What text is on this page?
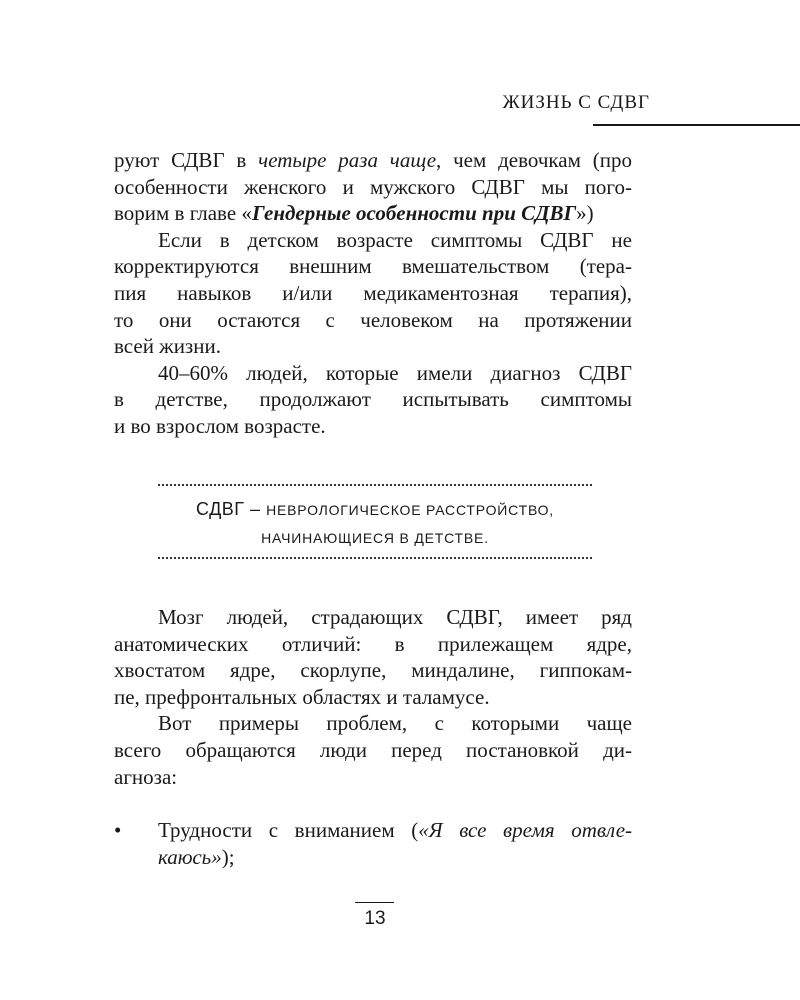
ЖИЗНЬ С СДВГ

руют СДВГ в четыре раза чаще, чем девочкам (про
особенности женского и мужского СДВГ мы пого-
ворим в главе «Гендерные особенности при СДВГ»)

Если в детском возрасте симптомы СДВГ не
корректируются внешним вмешательством (тера-
пия навыков и/или медикаментозная терапия),
то они остаются с человеком на протяжении
всей жизни.

40–60% людей, которые имели диагноз СДВГ
в детстве, продолжают испытывать симптомы
и во взрослом возрасте.

СДВГ – НЕВРОЛОГИЧЕСКОЕ РАССТРОЙСТВО,
НАЧИНАЮЩИЕСЯ В ДЕТСТВЕ.

Мозг людей, страдающих СДВГ, имеет ряд
анатомических отличий: в прилежащем ядре,
хвостатом ядре, скорлупе, миндалине, гиппокам-
пе, префронтальных областях и таламусе.

Вот примеры проблем, с которыми чаще
всего обращаются люди перед постановкой ди-
агноза:

•	Трудности с вниманием («Я все время отвле-
каюсь»);
13
